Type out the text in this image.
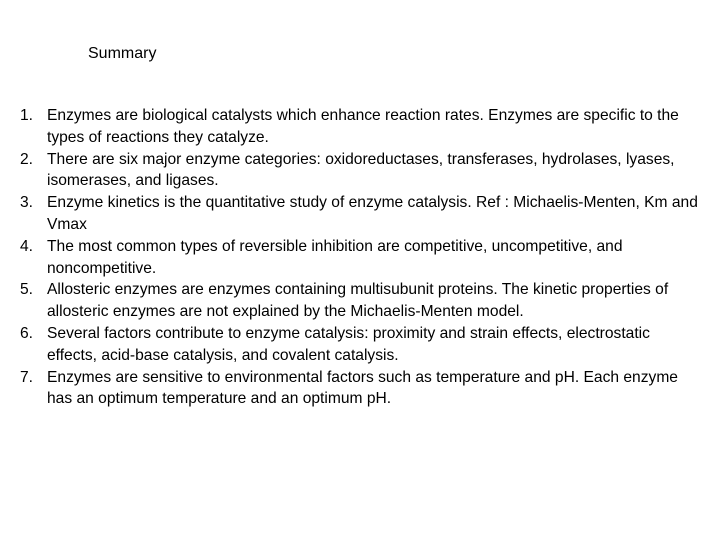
Summary
1. Enzymes are biological catalysts which enhance reaction rates. Enzymes are specific to the types of reactions they catalyze.
2. There are six major enzyme categories: oxidoreductases, transferases, hydrolases, lyases, isomerases, and ligases.
3. Enzyme kinetics is the quantitative study of enzyme catalysis. Ref : Michaelis-Menten, Km and Vmax
4. The most common types of reversible inhibition are competitive, uncompetitive, and noncompetitive.
5. Allosteric enzymes are enzymes containing multisubunit proteins. The kinetic properties of allosteric enzymes are not explained by the Michaelis-Menten model.
6. Several factors contribute to enzyme catalysis: proximity and strain effects, electrostatic effects, acid-base catalysis, and covalent catalysis.
7. Enzymes are sensitive to environmental factors such as temperature and pH. Each enzyme has an optimum temperature and an optimum pH.
